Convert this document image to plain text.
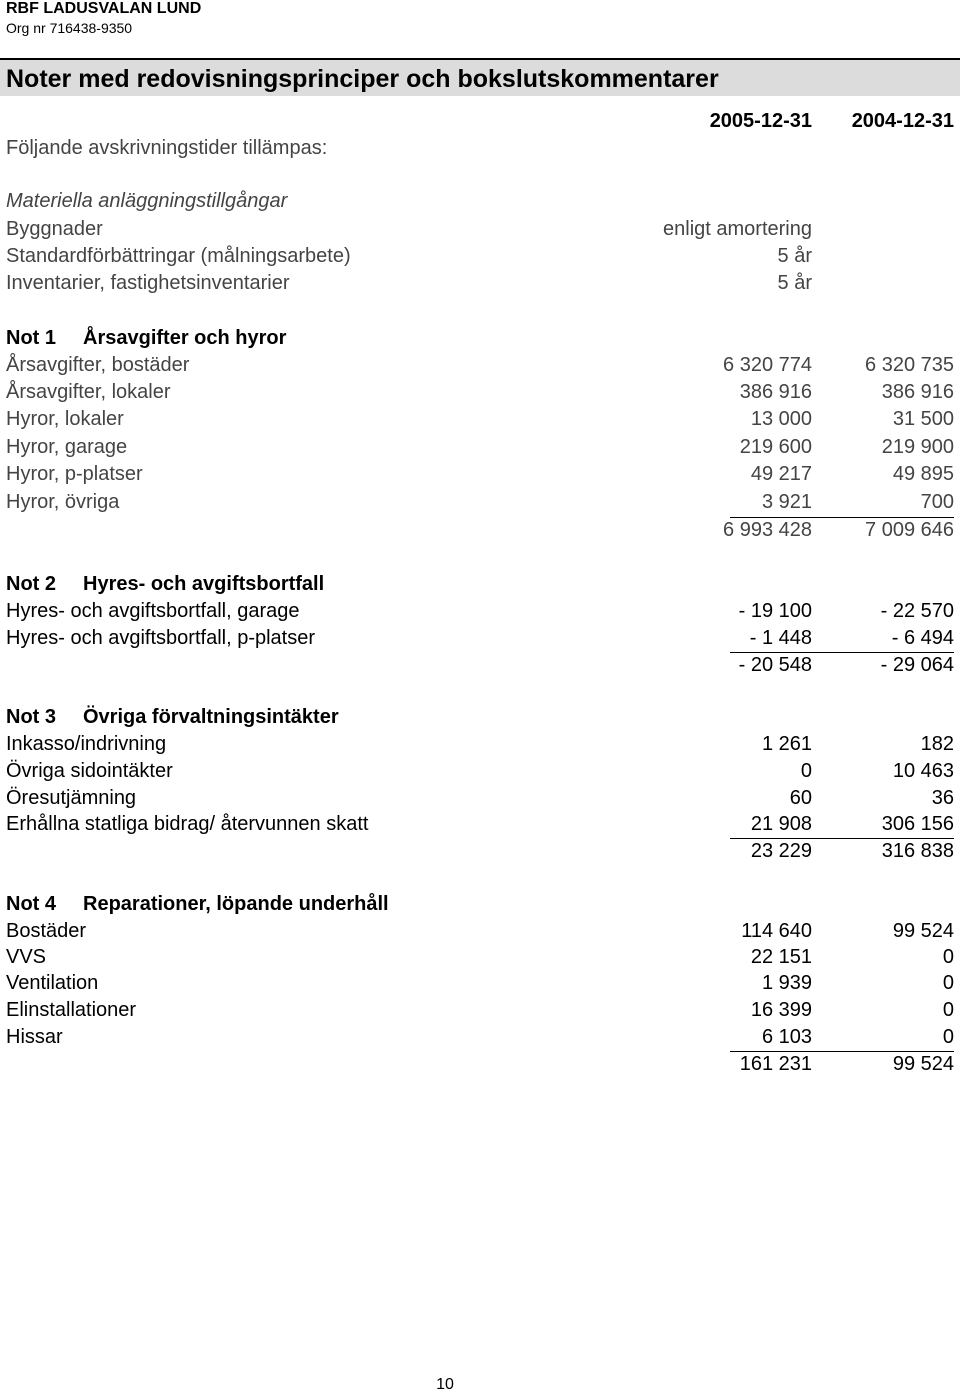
RBF LADUSVALAN LUND
Org nr 716438-9350
Noter med redovisningsprinciper och bokslutskommentarer
2005-12-31	2004-12-31
Följande avskrivningstider tillämpas:
Materiella anläggningstillgångar
Byggnader	enligt amortering
Standardförbättringar (målningsarbete)	5 år
Inventarier, fastighetsinventarier	5 år
Not 1 Årsavgifter och hyror
Årsavgifter, bostäder	6 320 774	6 320 735
Årsavgifter, lokaler	386 916	386 916
Hyror, lokaler	13 000	31 500
Hyror, garage	219 600	219 900
Hyror, p-platser	49 217	49 895
Hyror, övriga	3 921	700
6 993 428	7 009 646
Not 2 Hyres- och avgiftsbortfall
Hyres- och avgiftsbortfall, garage	- 19 100	- 22 570
Hyres- och avgiftsbortfall, p-platser	- 1 448	- 6 494
- 20 548	- 29 064
Not 3 Övriga förvaltningsintäkter
Inkasso/indrivning	1 261	182
Övriga sidointäkter	0	10 463
Öresutjämning	60	36
Erhållna statliga bidrag/ återvunnen skatt	21 908	306 156
23 229	316 838
Not 4 Reparationer, löpande underhåll
Bostäder	114 640	99 524
VVS	22 151	0
Ventilation	1 939	0
Elinstallationer	16 399	0
Hissar	6 103	0
161 231	99 524
10
